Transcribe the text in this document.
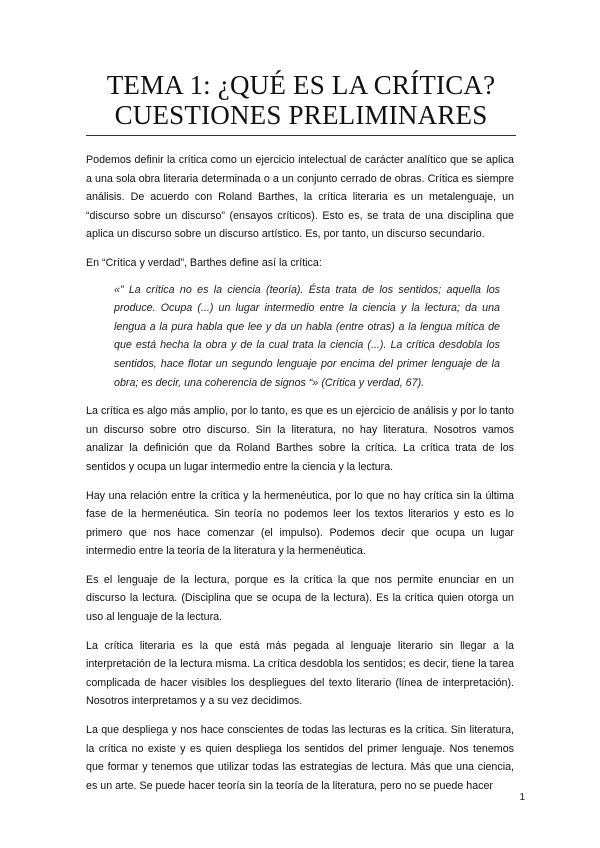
TEMA 1: ¿QUÉ ES LA CRÍTICA?
CUESTIONES PRELIMINARES

Podemos definir la crítica como un ejercicio intelectual de carácter analítico que se aplica a una sola obra literaria determinada o a un conjunto cerrado de obras. Crítica es siempre análisis. De acuerdo con Roland Barthes, la crítica literaria es un metalenguaje, un “discurso sobre un discurso” (ensayos críticos). Esto es, se trata de una disciplina que aplica un discurso sobre un discurso artístico. Es, por tanto, un discurso secundario.

En “Crítica y verdad”, Barthes define así la crítica:

«” La crítica no es la ciencia (teoría). Ésta trata de los sentidos; aquella los produce. Ocupa (...) un lugar intermedio entre la ciencia y la lectura; da una lengua a la pura habla que lee y da un habla (entre otras) a la lengua mítica de que está hecha la obra y de la cual trata la ciencia (...). La crítica desdobla los sentidos, hace flotar un segundo lenguaje por encima del primer lenguaje de la obra; es decir, una coherencia de signos “» (Crítica y verdad, 67).

La crítica es algo más amplio, por lo tanto, es que es un ejercicio de análisis y por lo tanto un discurso sobre otro discurso. Sin la literatura, no hay literatura. Nosotros vamos analizar la definición que da Roland Barthes sobre la crítica. La crítica trata de los sentidos y ocupa un lugar intermedio entre la ciencia y la lectura.

Hay una relación entre la crítica y la hermenéutica, por lo que no hay crítica sin la última fase de la hermenéutica. Sin teoría no podemos leer los textos literarios y esto es lo primero que nos hace comenzar (el impulso). Podemos decir que ocupa un lugar intermedio entre la teoría de la literatura y la hermenéutica.

Es el lenguaje de la lectura, porque es la crítica la que nos permite enunciar en un discurso la lectura. (Disciplina que se ocupa de la lectura). Es la crítica quien otorga un uso al lenguaje de la lectura.

La crítica literaria es la que está más pegada al lenguaje literario sin llegar a la interpretación de la lectura misma. La crítica desdobla los sentidos; es decir, tiene la tarea complicada de hacer visibles los despliegues del texto literario (línea de interpretación). Nosotros interpretamos y a su vez decidimos.

La que despliega y nos hace conscientes de todas las lecturas es la crítica. Sin literatura, la crítica no existe y es quien despliega los sentidos del primer lenguaje. Nos tenemos que formar y tenemos que utilizar todas las estrategias de lectura. Más que una ciencia, es un arte. Se puede hacer teoría sin la teoría de la literatura, pero no se puede hacer

1
